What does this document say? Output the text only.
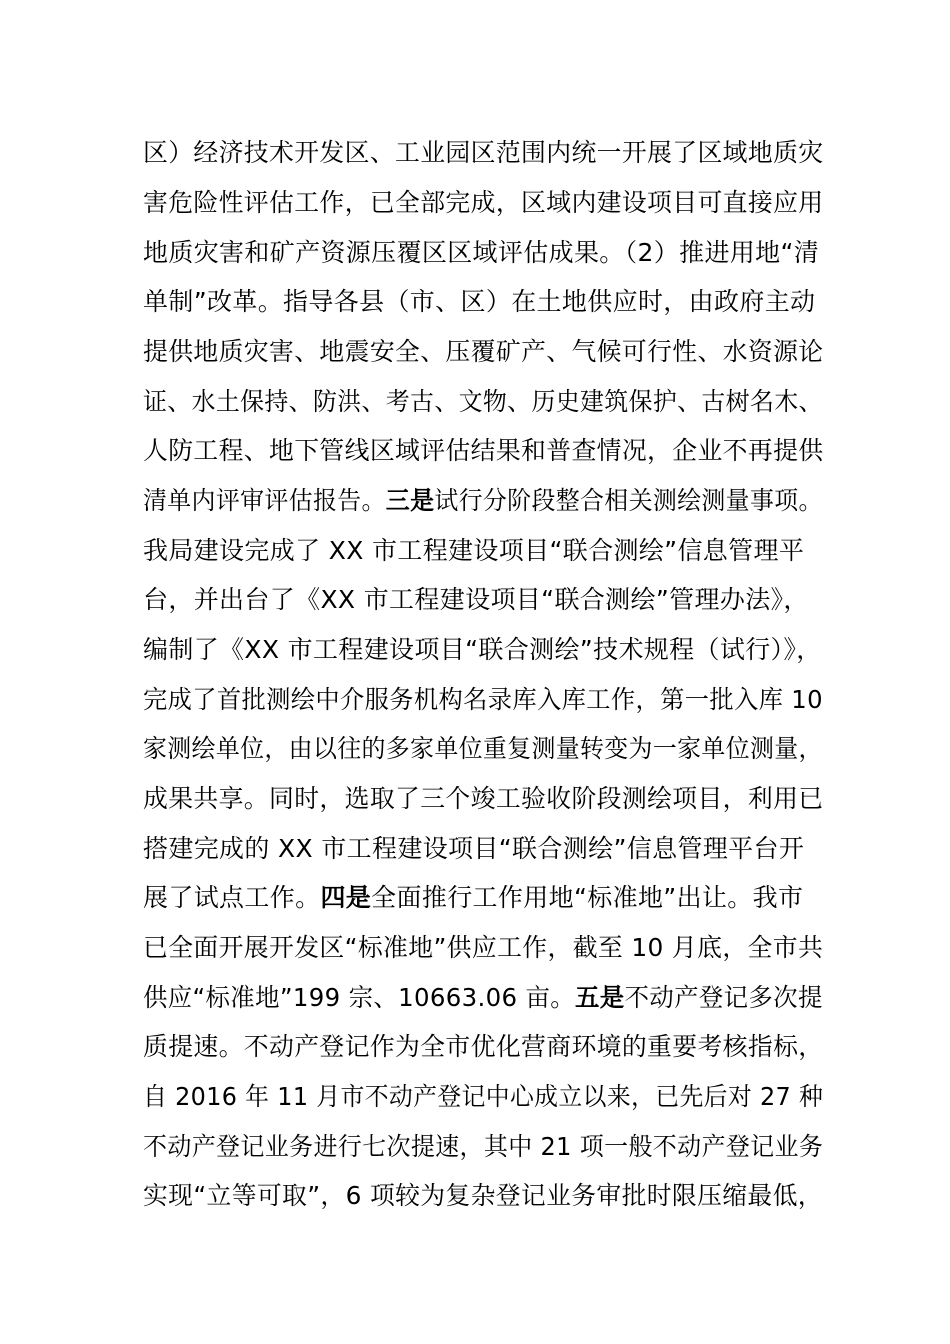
区）经济技术开发区、工业园区范围内统一开展了区域地质灾
害危险性评估工作，已全部完成，区域内建设项目可直接应用
地质灾害和矿产资源压覆区区域评估成果。（2）推进用地“清
单制”改革。指导各县（市、区）在土地供应时，由政府主动
提供地质灾害、地震安全、压覆矿产、气候可行性、水资源论
证、水土保持、防洪、考古、文物、历史建筑保护、古树名木、
人防工程、地下管线区域评估结果和普查情况，企业不再提供
清单内评审评估报告。三是试行分阶段整合相关测绘测量事项。
我局建设完成了 XX 市工程建设项目“联合测绘”信息管理平
台，并出台了《XX 市工程建设项目“联合测绘”管理办法》，
编制了《XX 市工程建设项目“联合测绘”技术规程（试行）》，
完成了首批测绘中介服务机构名录库入库工作，第一批入库 10
家测绘单位，由以往的多家单位重复测量转变为一家单位测量，
成果共享。同时，选取了三个竣工验收阶段测绘项目，利用已
搭建完成的 XX 市工程建设项目“联合测绘”信息管理平台开
展了试点工作。四是全面推行工作用地“标准地”出让。我市
已全面开展开发区“标准地”供应工作，截至 10 月底，全市共
供应“标准地”199 宗、10663.06 亩。五是不动产登记多次提
质提速。不动产登记作为全市优化营商环境的重要考核指标，
自 2016 年 11 月市不动产登记中心成立以来，已先后对 27 种
不动产登记业务进行七次提速，其中 21 项一般不动产登记业务
实现“立等可取”，6 项较为复杂登记业务审批时限压缩最低，
